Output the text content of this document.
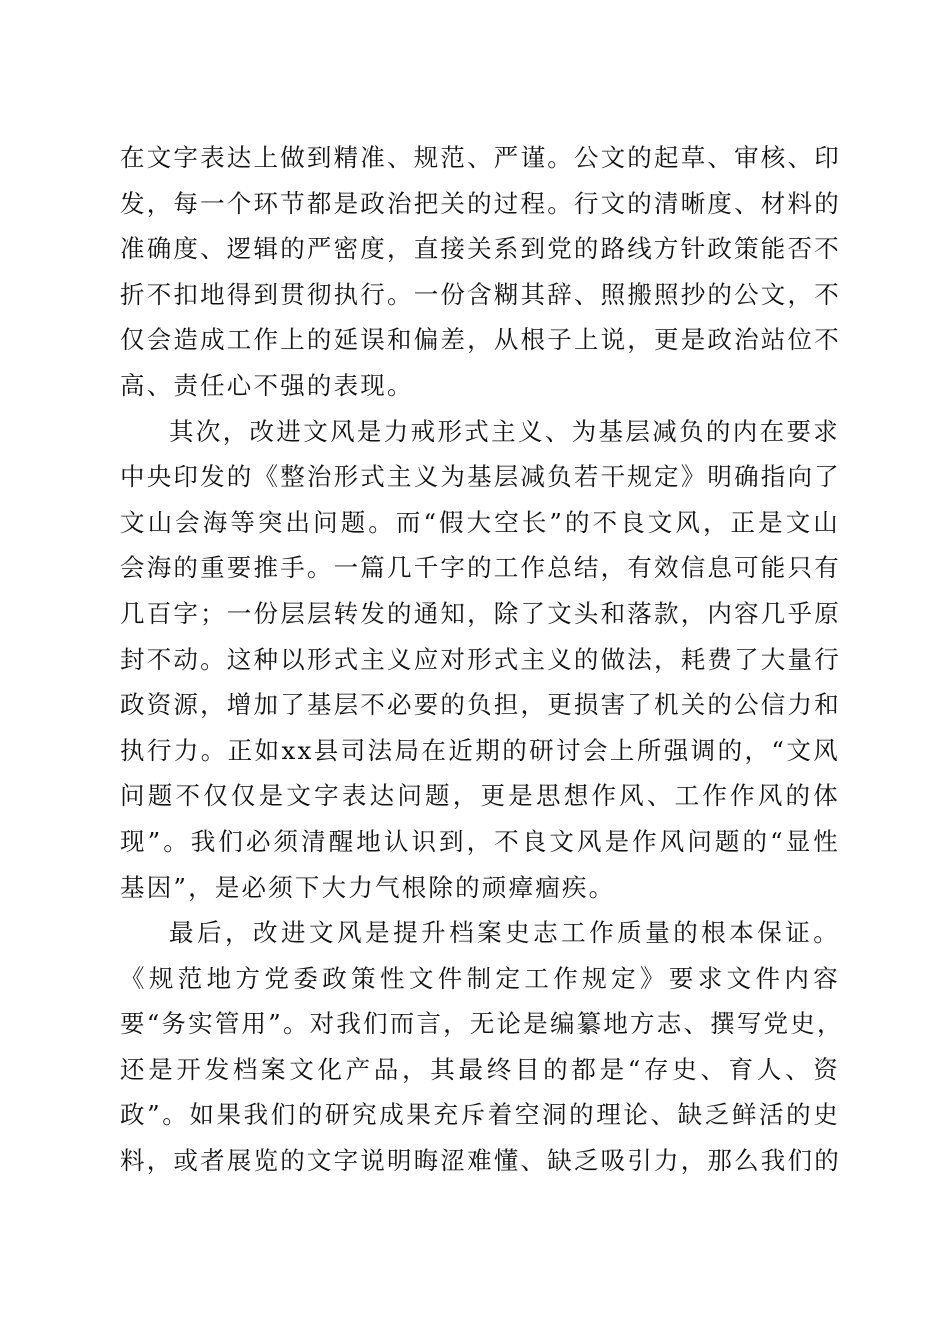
在文字表达上做到精准、规范、严谨。公文的起草、审核、印
发，每一个环节都是政治把关的过程。行文的清晰度、材料的
准确度、逻辑的严密度，直接关系到党的路线方针政策能否不
折不扣地得到贯彻执行。一份含糊其辞、照搬照抄的公文，不
仅会造成工作上的延误和偏差，从根子上说，更是政治站位不
高、责任心不强的表现。
其次，改进文风是力戒形式主义、为基层减负的内在要求
中央印发的《整治形式主义为基层减负若干规定》明确指向了
文山会海等突出问题。而“假大空长”的不良文风，正是文山
会海的重要推手。一篇几千字的工作总结，有效信息可能只有
几百字；一份层层转发的通知，除了文头和落款，内容几乎原
封不动。这种以形式主义应对形式主义的做法，耗费了大量行
政资源，增加了基层不必要的负担，更损害了机关的公信力和
执行力。正如xx县司法局在近期的研讨会上所强调的，“文风
问题不仅仅是文字表达问题，更是思想作风、工作作风的体
现”。我们必须清醒地认识到，不良文风是作风问题的“显性
基因”，是必须下大力气根除的顽瘴痼疾。
最后，改进文风是提升档案史志工作质量的根本保证。
《规范地方党委政策性文件制定工作规定》要求文件内容
要“务实管用”。对我们而言，无论是编纂地方志、撰写党史，
还是开发档案文化产品，其最终目的都是“存史、育人、资
政”。如果我们的研究成果充斥着空洞的理论、缺乏鲜活的史
料，或者展览的文字说明晦涩难懂、缺乏吸引力，那么我们的
